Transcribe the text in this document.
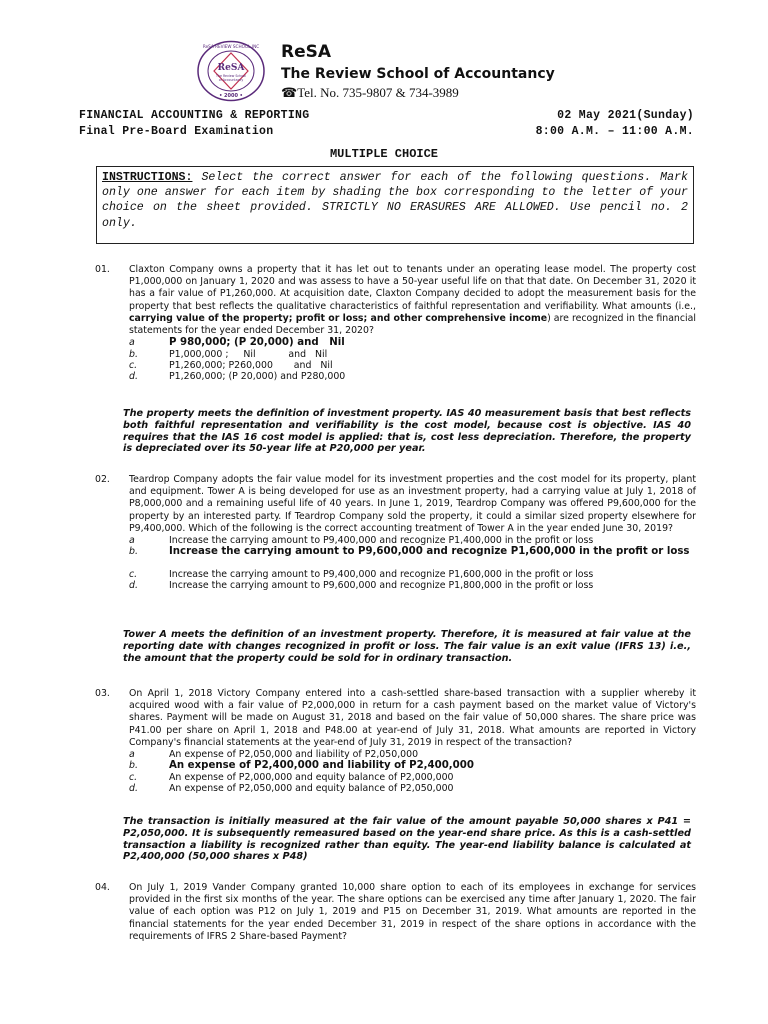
ReSA
The Review School
of Accountancy
• 2000 •
ReSA REVIEW SCHOOL INC ReSA
The Review School of Accountancy
☎Tel. No. 735-9807 & 734-3989
FINANCIAL ACCOUNTING & REPORTING
Final Pre-Board Examination
02 May 2021(Sunday)
8:00 A.M. – 11:00 A.M.
MULTIPLE CHOICE

INSTRUCTIONS: Select the correct answer for each of the following questions. Mark only one answer for each item by shading the box corresponding to the letter of your choice on the sheet provided. STRICTLY NO ERASURES ARE ALLOWED. Use pencil no. 2 only.

01. Claxton Company owns a property that it has let out to tenants under an operating lease model. The property cost P1,000,000 on January 1, 2020 and was assess to have a 50-year useful life on that that date. On December 31, 2020 it has a fair value of P1,260,000. At acquisition date, Claxton Company decided to adopt the measurement basis for the property that best reflects the qualitative characteristics of faithful representation and verifiability. What amounts (i.e., carrying value of the property; profit or loss; and other comprehensive income) are recognized in the financial statements for the year ended December 31, 2020?
a	P 980,000; (P 20,000) and   Nil
b.	P1,000,000 ;     Nil           and   Nil
c.	P1,260,000; P260,000       and   Nil
d.	P1,260,000; (P 20,000) and P280,000
The property meets the definition of investment property. IAS 40 measurement basis that best reflects both faithful representation and verifiability is the cost model, because cost is objective. IAS 40 requires that the IAS 16 cost model is applied: that is, cost less depreciation. Therefore, the property is depreciated over its 50-year life at P20,000 per year.
02. Teardrop Company adopts the fair value model for its investment properties and the cost model for its property, plant and equipment. Tower A is being developed for use as an investment property, had a carrying value at July 1, 2018 of P8,000,000 and a remaining useful life of 40 years. In June 1, 2019, Teardrop Company was offered P9,600,000 for the property by an interested party. If Teardrop Company sold the property, it could a similar sized property elsewhere for P9,400,000. Which of the following is the correct accounting treatment of Tower A in the year ended June 30, 2019?
a	Increase the carrying amount to P9,400,000 and recognize P1,400,000 in the profit or loss
b.	Increase the carrying amount to P9,600,000 and recognize P1,600,000 in the profit or loss
c.	Increase the carrying amount to P9,400,000 and recognize P1,600,000 in the profit or loss
d.	Increase the carrying amount to P9,600,000 and recognize P1,800,000 in the profit or loss
Tower A meets the definition of an investment property. Therefore, it is measured at fair value at the reporting date with changes recognized in profit or loss. The fair value is an exit value (IFRS 13) i.e., the amount that the property could be sold for in ordinary transaction.
03. On April 1, 2018 Victory Company entered into a cash-settled share-based transaction with a supplier whereby it acquired wood with a fair value of P2,000,000 in return for a cash payment based on the market value of Victory's shares. Payment will be made on August 31, 2018 and based on the fair value of 50,000 shares. The share price was P41.00 per share on April 1, 2018 and P48.00 at year-end of July 31, 2018. What amounts are reported in Victory Company's financial statements at the year-end of July 31, 2019 in respect of the transaction?
a	An expense of P2,050,000 and liability of P2,050,000
b.	An expense of P2,400,000 and liability of P2,400,000
c.	An expense of P2,000,000 and equity balance of P2,000,000
d.	An expense of P2,050,000 and equity balance of P2,050,000
The transaction is initially measured at the fair value of the amount payable 50,000 shares x P41 = P2,050,000. It is subsequently remeasured based on the year-end share price. As this is a cash-settled transaction a liability is recognized rather than equity. The year-end liability balance is calculated at P2,400,000 (50,000 shares x P48)
04. On July 1, 2019 Vander Company granted 10,000 share option to each of its employees in exchange for services provided in the first six months of the year. The share options can be exercised any time after January 1, 2020. The fair value of each option was P12 on July 1, 2019 and P15 on December 31, 2019. What amounts are reported in the financial statements for the year ended December 31, 2019 in respect of the share options in accordance with the requirements of IFRS 2 Share-based Payment?
